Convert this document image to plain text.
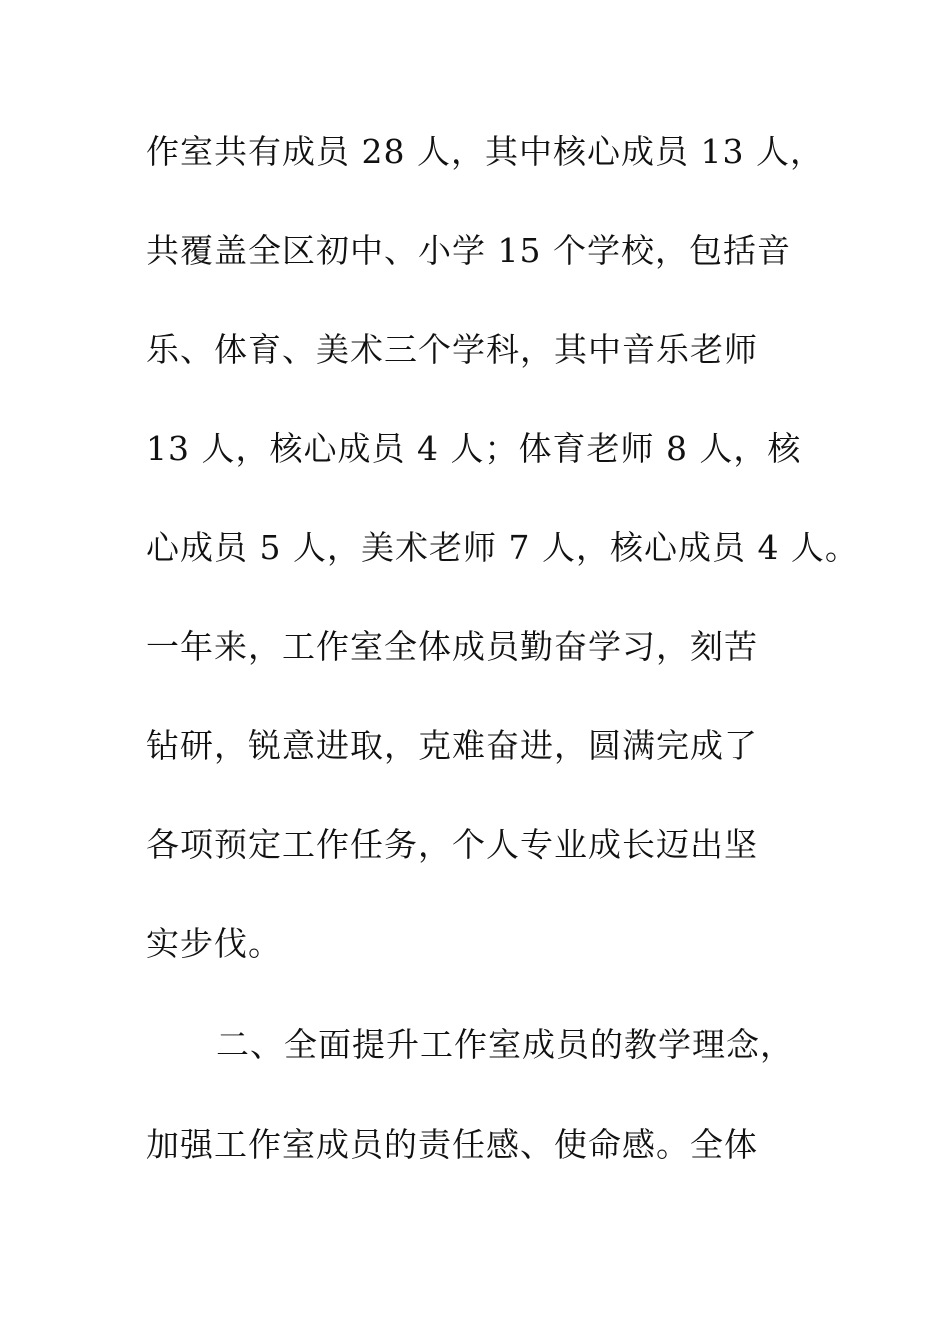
作室共有成员 28 人，其中核心成员 13 人，
共覆盖全区初中、小学 15 个学校，包括音
乐、体育、美术三个学科，其中音乐老师
13 人，核心成员 4 人；体育老师 8 人，核
心成员 5 人，美术老师 7 人，核心成员 4 人。
一年来，工作室全体成员勤奋学习，刻苦
钻研，锐意进取，克难奋进，圆满完成了
各项预定工作任务，个人专业成长迈出坚
实步伐。
二、全面提升工作室成员的教学理念，
加强工作室成员的责任感、使命感。全体
